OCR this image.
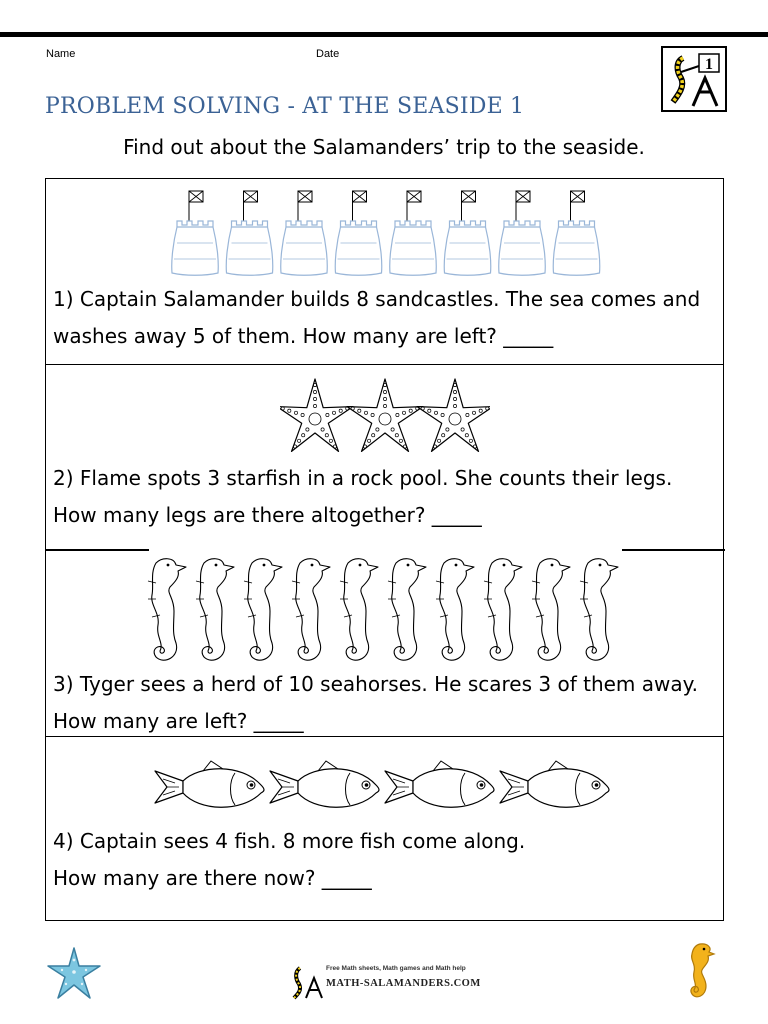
Name	Date
1
PROBLEM SOLVING - AT THE SEASIDE 1
Find out about the Salamanders’ trip to the seaside.

1) Captain Salamander builds 8 sandcastles. The sea comes and

washes away 5 of them. How many are left? _____

2) Flame spots 3 starfish in a rock pool. She counts their legs.

How many legs are there altogether? _____

3) Tyger sees a herd of 10 seahorses. He scares 3 of them away.

How many are left? _____

4) Captain sees 4 fish. 8 more fish come along.

How many are there now? _____

Free Math sheets, Math games and Math help
MATH-SALAMANDERS.COM
